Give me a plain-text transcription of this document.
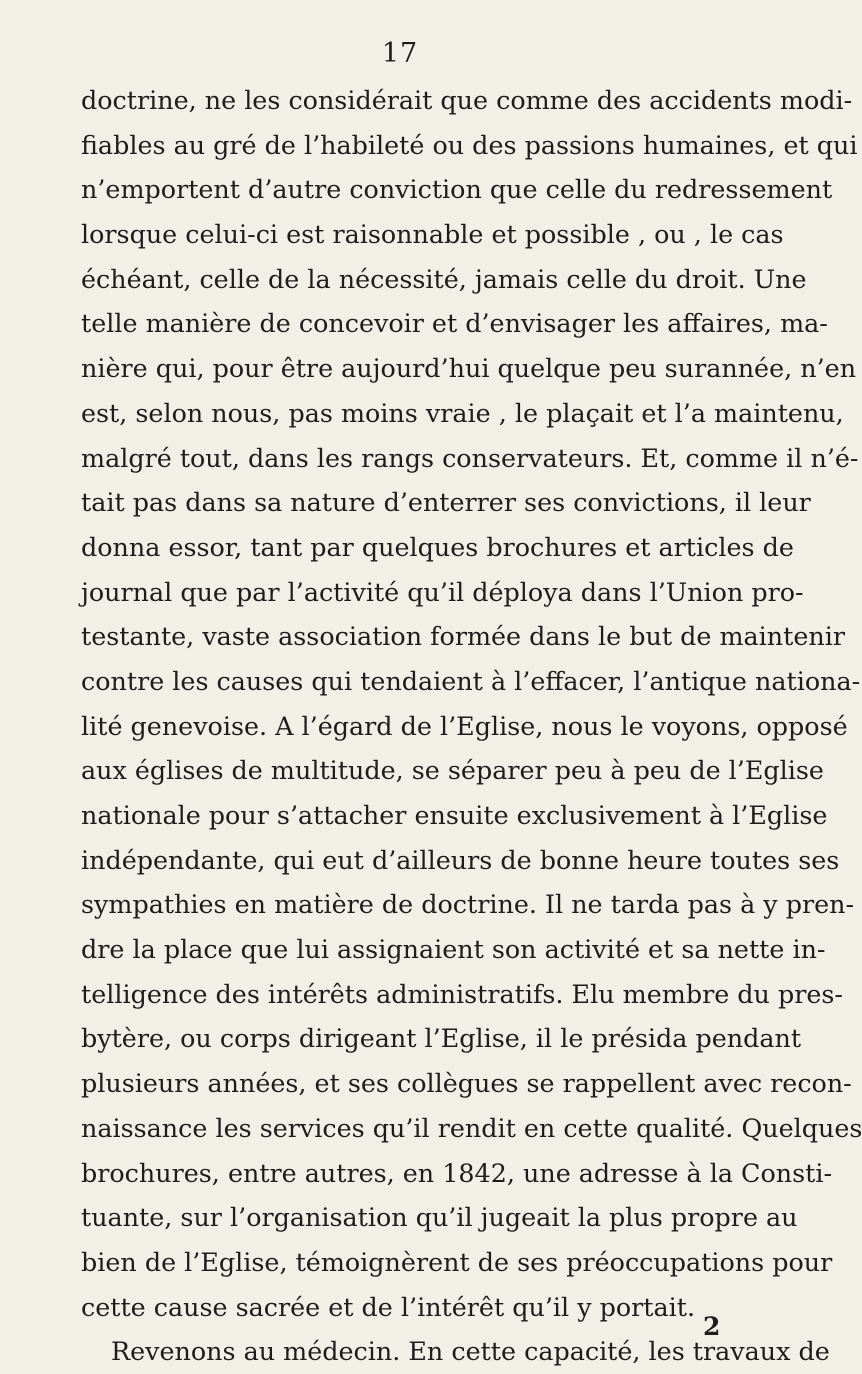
17
doctrine, ne les considérait que comme des accidents modi-
fiables au gré de l’habileté ou des passions humaines, et qui
n’emportent d’autre conviction que celle du redressement
lorsque celui-ci est raisonnable et possible , ou , le cas
échéant, celle de la nécessité, jamais celle du droit. Une
telle manière de concevoir et d’envisager les affaires, ma-
nière qui, pour être aujourd’hui quelque peu surannée, n’en
est, selon nous, pas moins vraie , le plaçait et l’a maintenu,
malgré tout, dans les rangs conservateurs. Et, comme il n’é-
tait pas dans sa nature d’enterrer ses convictions, il leur
donna essor, tant par quelques brochures et articles de
journal que par l’activité qu’il déploya dans l’Union pro-
testante, vaste association formée dans le but de maintenir
contre les causes qui tendaient à l’effacer, l’antique nationa-
lité genevoise. A l’égard de l’Eglise, nous le voyons, opposé
aux églises de multitude, se séparer peu à peu de l’Eglise
nationale pour s’attacher ensuite exclusivement à l’Eglise
indépendante, qui eut d’ailleurs de bonne heure toutes ses
sympathies en matière de doctrine. Il ne tarda pas à y pren-
dre la place que lui assignaient son activité et sa nette in-
telligence des intérêts administratifs. Elu membre du pres-
bytère, ou corps dirigeant l’Eglise, il le présida pendant
plusieurs années, et ses collègues se rappellent avec recon-
naissance les services qu’il rendit en cette qualité. Quelques
brochures, entre autres, en 1842, une adresse à la Consti-
tuante, sur l’organisation qu’il jugeait la plus propre au
bien de l’Eglise, témoignèrent de ses préoccupations pour
cette cause sacrée et de l’intérêt qu’il y portait.
Revenons au médecin. En cette capacité, les travaux de
2
